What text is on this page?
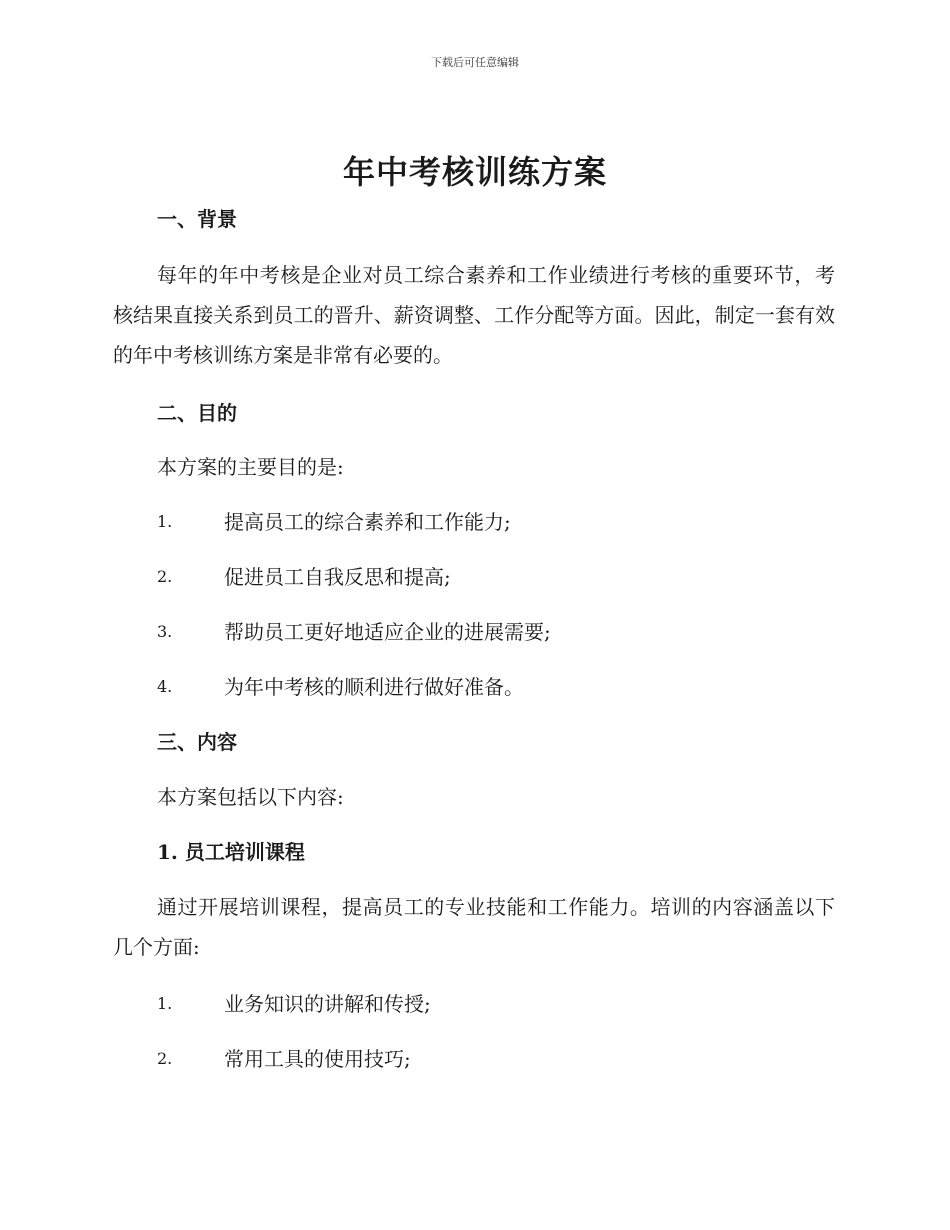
下载后可任意编辑
年中考核训练方案
一、背景
每年的年中考核是企业对员工综合素养和工作业绩进行考核的重要环节，考核结果直接关系到员工的晋升、薪资调整、工作分配等方面。因此，制定一套有效的年中考核训练方案是非常有必要的。
二、目的
本方案的主要目的是:
1.	提高员工的综合素养和工作能力;
2.	促进员工自我反思和提高;
3.	帮助员工更好地适应企业的进展需要;
4.	为年中考核的顺利进行做好准备。
三、内容
本方案包括以下内容:
1. 员工培训课程
通过开展培训课程，提高员工的专业技能和工作能力。培训的内容涵盖以下几个方面:
1.	业务知识的讲解和传授;
2.	常用工具的使用技巧;
